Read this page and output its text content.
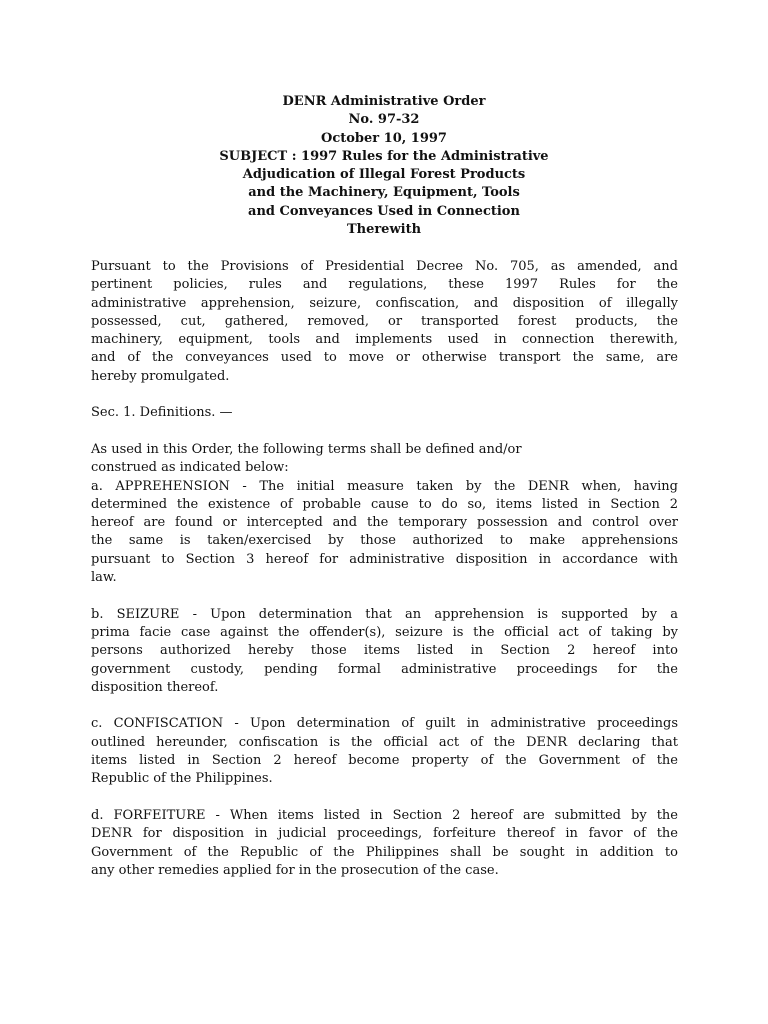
DENR Administrative Order
No. 97-32
October 10, 1997
SUBJECT : 1997 Rules for the Administrative
Adjudication of Illegal Forest Products
and the Machinery, Equipment, Tools
and Conveyances Used in Connection
Therewith
Pursuant to the Provisions of Presidential Decree No. 705, as amended, and
pertinent policies, rules and regulations, these 1997 Rules for the
administrative apprehension, seizure, confiscation, and disposition of illegally
possessed, cut, gathered, removed, or transported forest products, the
machinery, equipment, tools and implements used in connection therewith,
and of the conveyances used to move or otherwise transport the same, are
hereby promulgated.
Sec. 1. Definitions. —
As used in this Order, the following terms shall be defined and/or
construed as indicated below:
a. APPREHENSION - The initial measure taken by the DENR when, having
determined the existence of probable cause to do so, items listed in Section 2
hereof are found or intercepted and the temporary possession and control over
the same is taken/exercised by those authorized to make apprehensions
pursuant to Section 3 hereof for administrative disposition in accordance with
law.
b. SEIZURE - Upon determination that an apprehension is supported by a
prima facie case against the offender(s), seizure is the official act of taking by
persons authorized hereby those items listed in Section 2 hereof into
government custody, pending formal administrative proceedings for the
disposition thereof.
c. CONFISCATION - Upon determination of guilt in administrative proceedings
outlined hereunder, confiscation is the official act of the DENR declaring that
items listed in Section 2 hereof become property of the Government of the
Republic of the Philippines.
d. FORFEITURE - When items listed in Section 2 hereof are submitted by the
DENR for disposition in judicial proceedings, forfeiture thereof in favor of the
Government of the Republic of the Philippines shall be sought in addition to
any other remedies applied for in the prosecution of the case.
